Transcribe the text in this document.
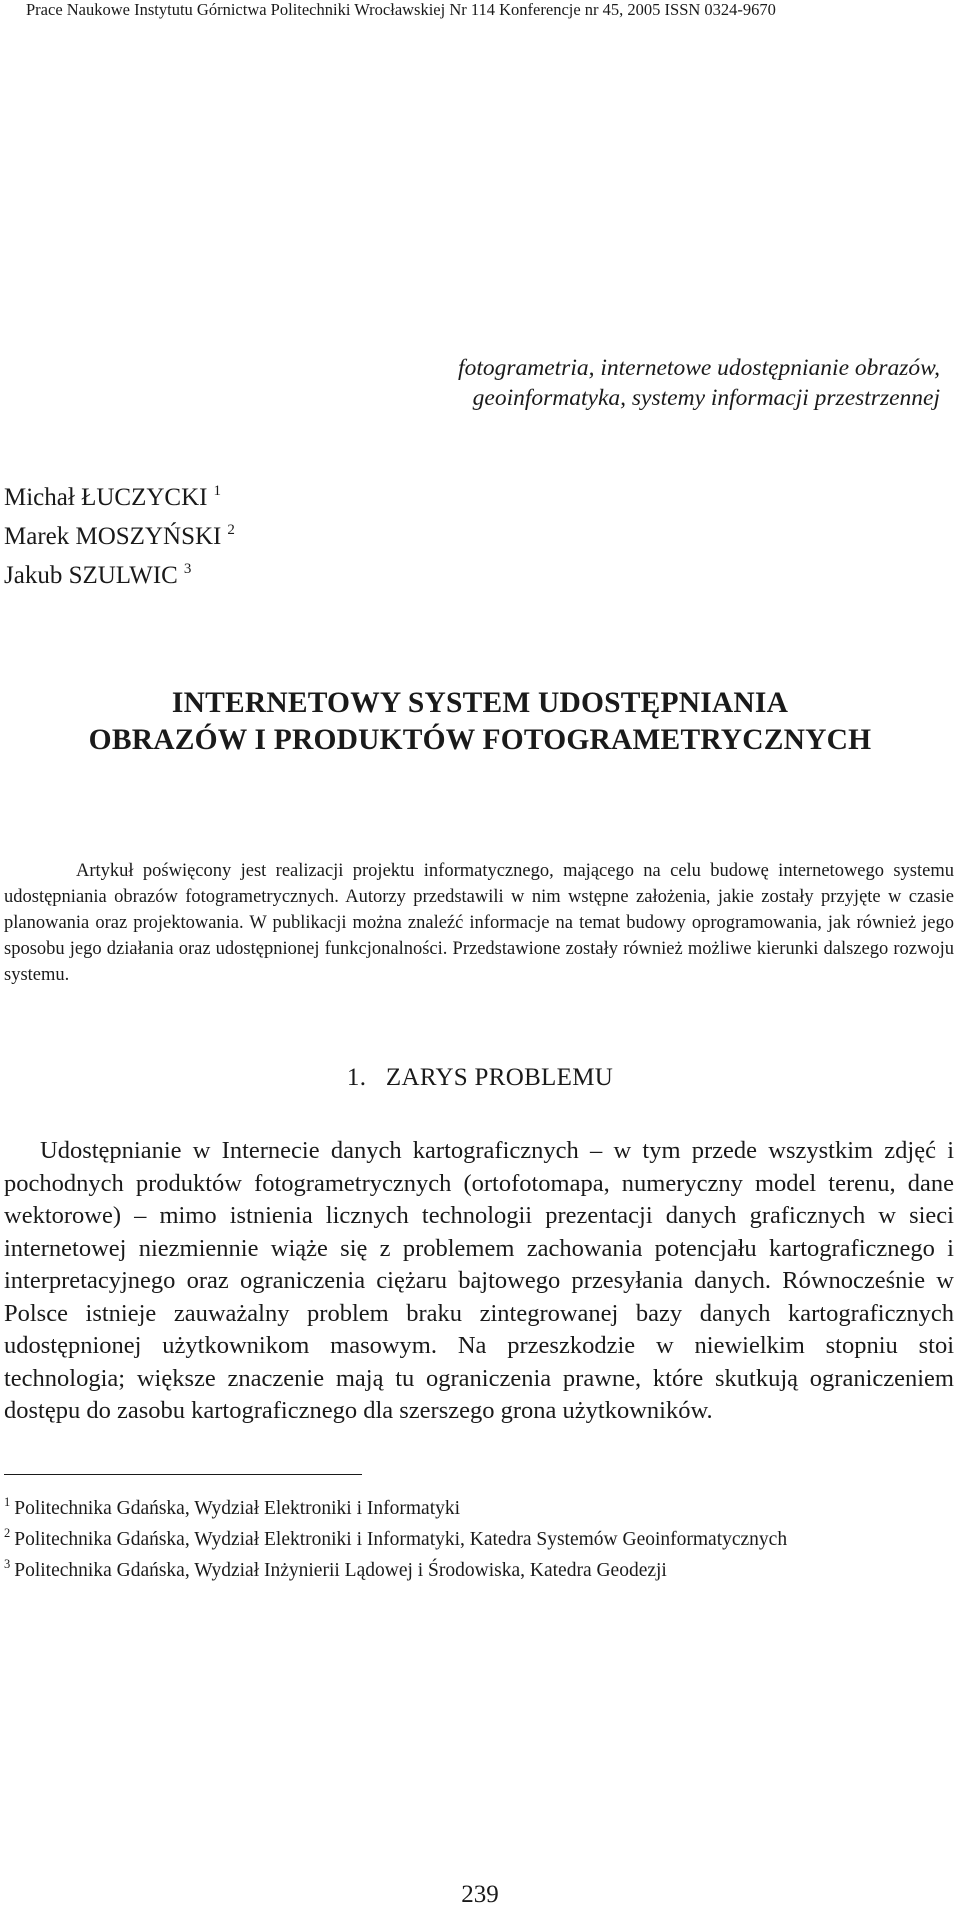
Prace Naukowe Instytutu Górnictwa Politechniki Wrocławskiej Nr 114 Konferencje nr 45, 2005 ISSN 0324-9670
fotogrametria, internetowe udostępnianie obrazów,
geoinformatyka, systemy informacji przestrzennej
Michał ŁUCZYCKI $^1$
Marek MOSZYŃSKI $^2$
Jakub SZULWIC $^3$
INTERNETOWY SYSTEM UDOSTĘPNIANIA
OBRAZÓW I PRODUKTÓW FOTOGRAMETRYCZNYCH
Artykuł poświęcony jest realizacji projektu informatycznego, mającego na celu budowę internetowego systemu udostępniania obrazów fotogrametrycznych. Autorzy przedstawili w nim wstępne założenia, jakie zostały przyjęte w czasie planowania oraz projektowania. W publikacji można znaleźć informacje na temat budowy oprogramowania, jak również jego sposobu jego działania oraz udostępnionej funkcjonalności. Przedstawione zostały również możliwe kierunki dalszego rozwoju systemu.
1. ZARYS PROBLEMU
Udostępnianie w Internecie danych kartograficznych – w tym przede wszystkim zdjęć i pochodnych produktów fotogrametrycznych (ortofotomapa, numeryczny model terenu, dane wektorowe) – mimo istnienia licznych technologii prezentacji danych graficznych w sieci internetowej niezmiennie wiąże się z problemem zachowania potencjału kartograficznego i interpretacyjnego oraz ograniczenia ciężaru bajtowego przesyłania danych. Równocześnie w Polsce istnieje zauważalny problem braku zintegrowanej bazy danych kartograficznych udostępnionej użytkownikom masowym. Na przeszkodzie w niewielkim stopniu stoi technologia; większe znaczenie mają tu ograniczenia prawne, które skutkują ograniczeniem dostępu do zasobu kartograficznego dla szerszego grona użytkowników.
$^1$ Politechnika Gdańska, Wydział Elektroniki i Informatyki
$^2$ Politechnika Gdańska, Wydział Elektroniki i Informatyki, Katedra Systemów Geoinformatycznych
$^3$ Politechnika Gdańska, Wydział Inżynierii Lądowej i Środowiska, Katedra Geodezji
239
